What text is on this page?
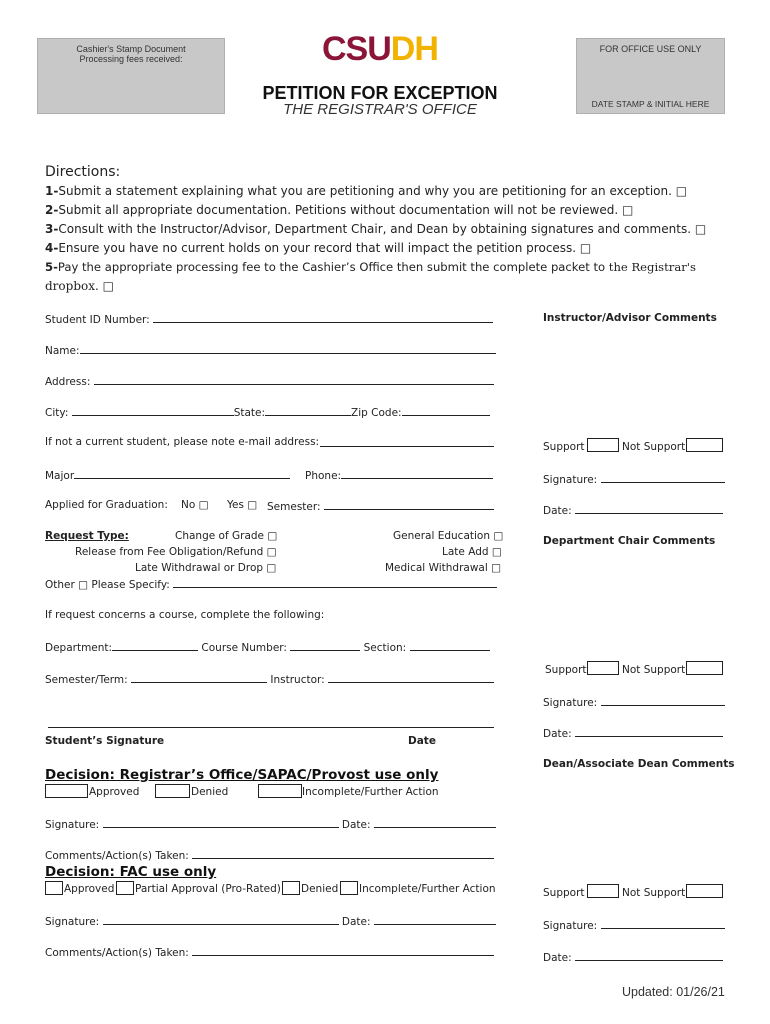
Cashier's Stamp Document
Processing fees received:	CSUDH	FOR OFFICE USE ONLY
DATE STAMP & INITIAL HERE
PETITION FOR EXCEPTION
THE REGISTRAR'S OFFICE
Directions:
1-Submit a statement explaining what you are petitioning and why you are petitioning for an exception. □
2-Submit all appropriate documentation. Petitions without documentation will not be reviewed. □
3-Consult with the Instructor/Advisor, Department Chair, and Dean by obtaining signatures and comments. □
4-Ensure you have no current holds on your record that will impact the petition process. □
5-Pay the appropriate processing fee to the Cashier’s Office then submit the complete packet to the Registrar's
dropbox. □
Student ID Number:
Name:
Address:
City:	State:	Zip Code:
If not a current student, please note e-mail address:
Major	Phone:
Applied for Graduation: No □ Yes □ Semester:
Request Type:	Change of Grade □
Release from Fee Obligation/Refund □
Late Withdrawal or Drop □
Other □ Please Specify:
General Education □
Late Add □
Medical Withdrawal □
If request concerns a course, complete the following:
Department:	Course Number:	Section:
Semester/Term:	Instructor:
Student’s Signature	Date
Decision: Registrar’s Office/SAPAC/Provost use only
Approved	Denied	Incomplete/Further Action
Signature:	Date:
Comments/Action(s) Taken:
Decision: FAC use only
Approved Partial Approval (Pro-Rated) Denied Incomplete/Further Action
Signature:	Date:
Comments/Action(s) Taken:
Instructor/Advisor Comments
Support	Not Support
Signature:
Date:
Department Chair Comments
Support	Not Support
Signature:
Date:
Dean/Associate Dean Comments
Support	Not Support
Signature:
Date:
Updated: 01/26/21
